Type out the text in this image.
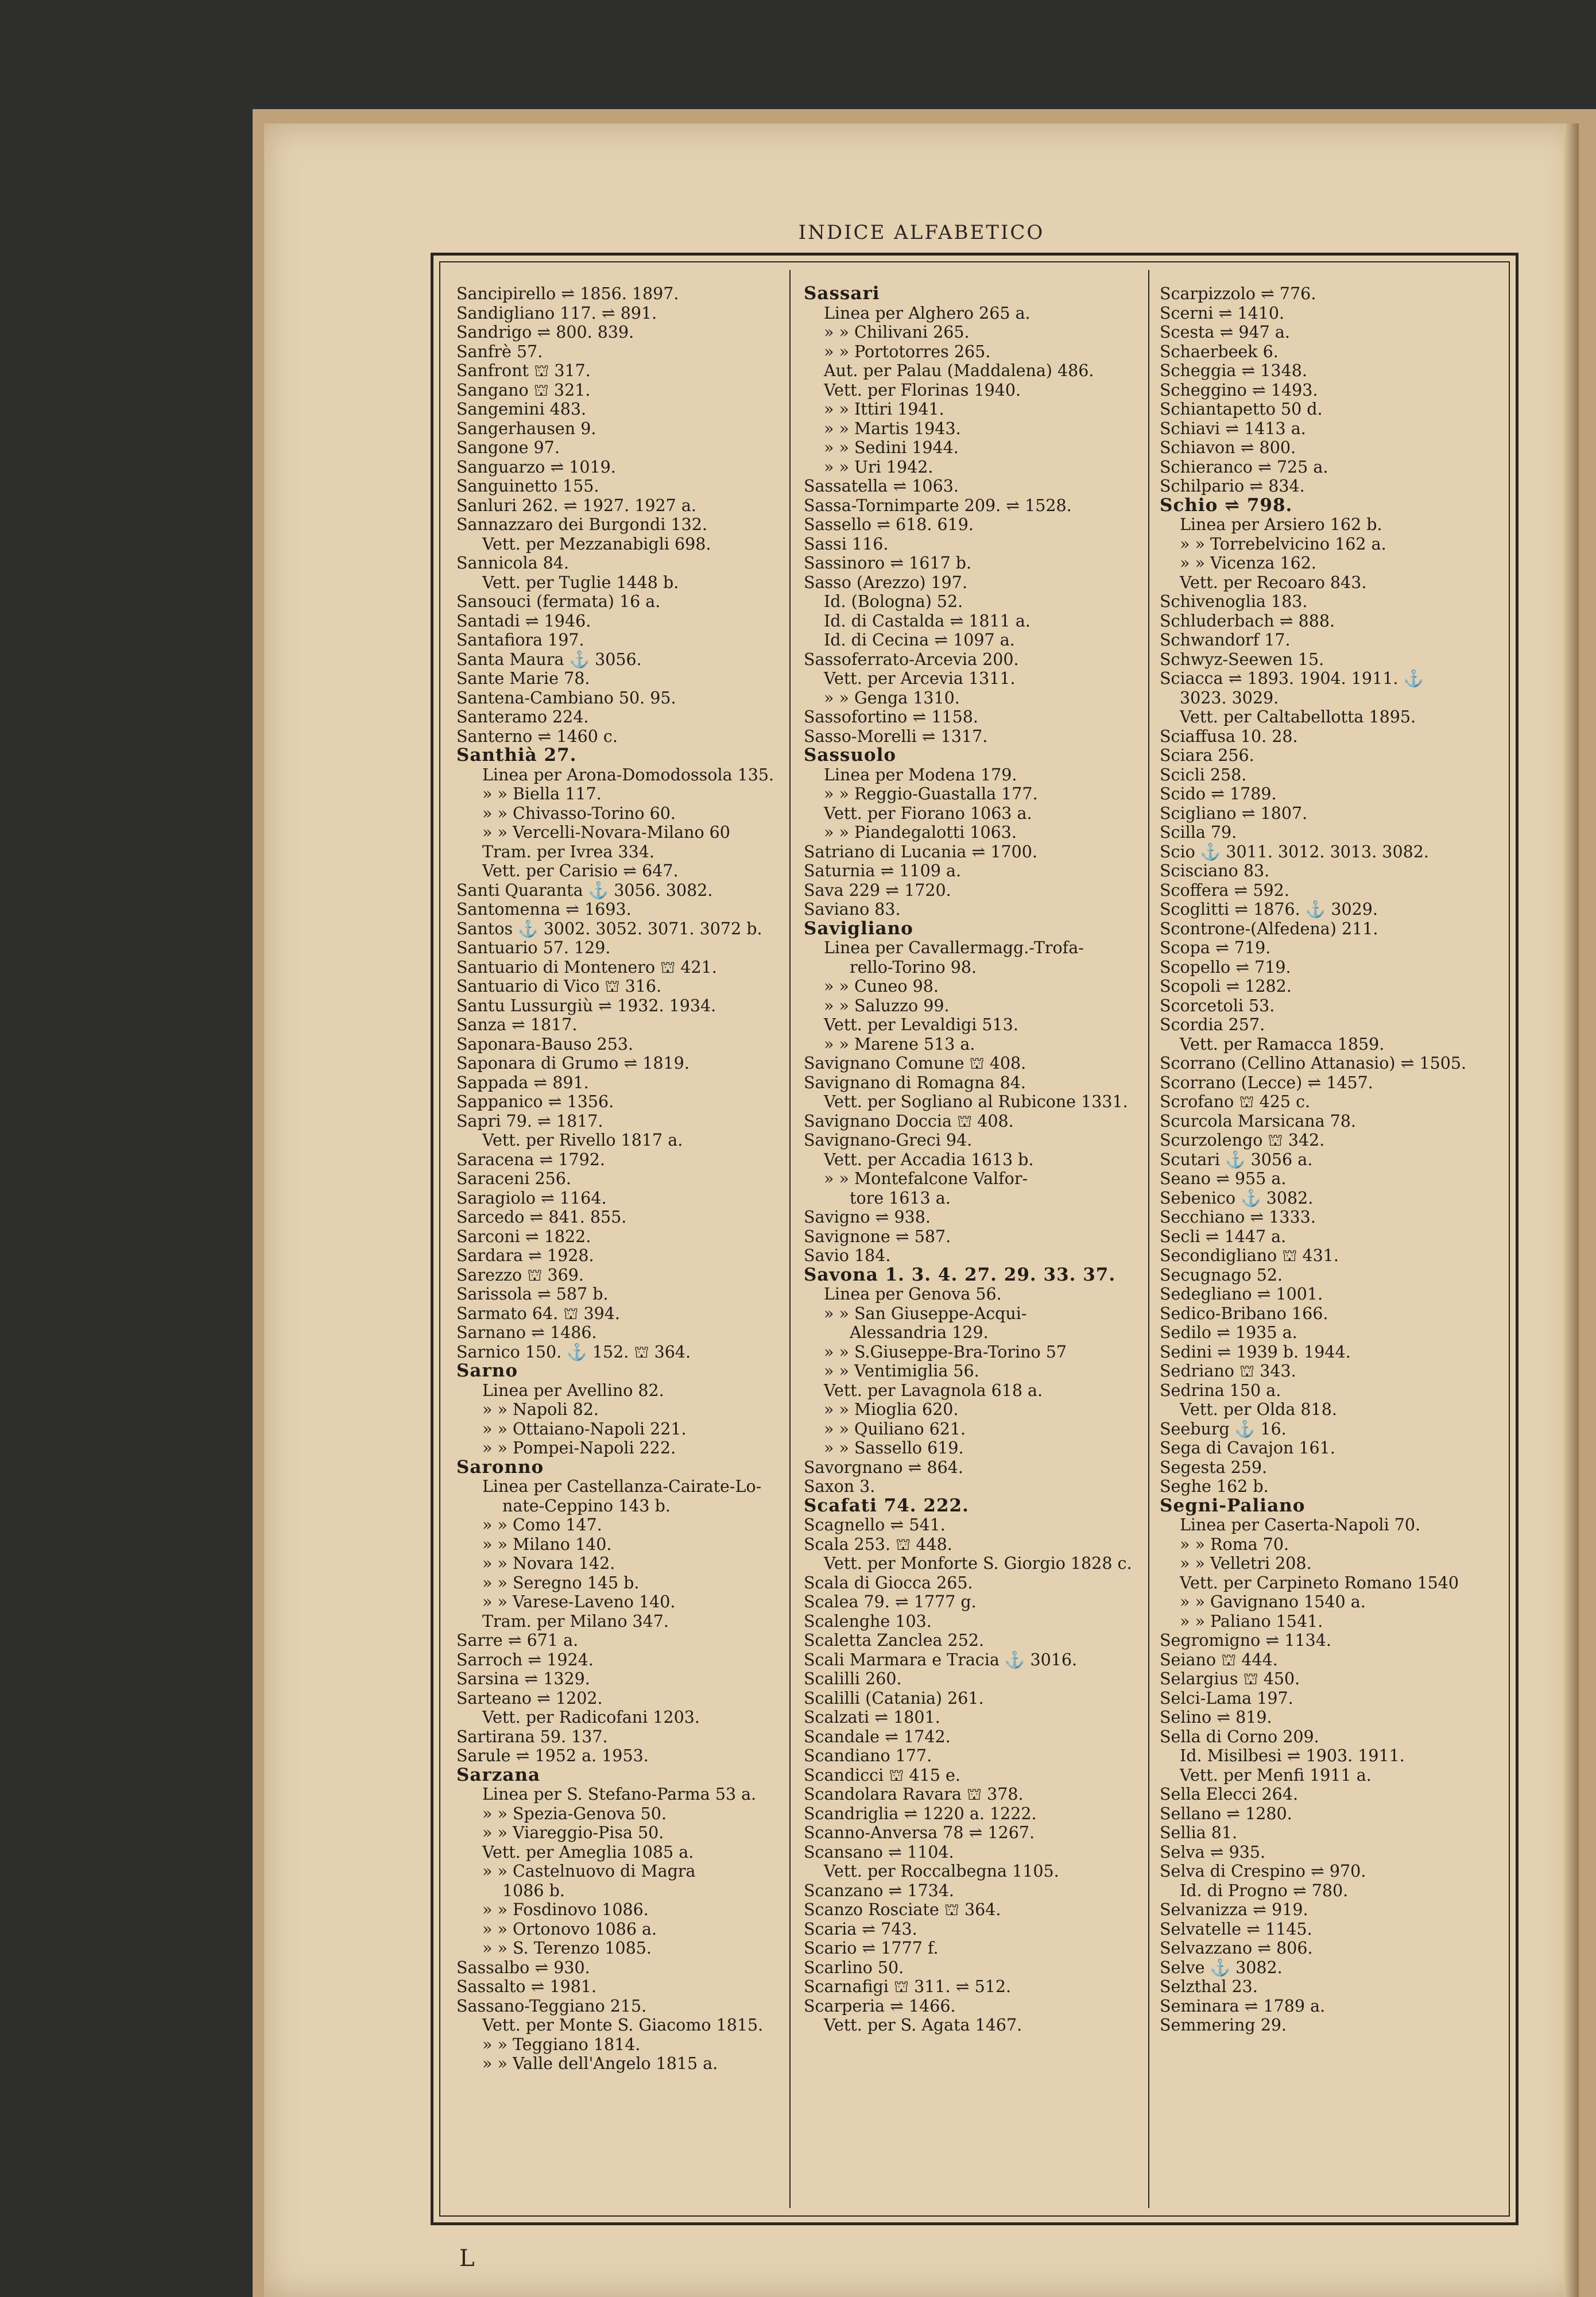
INDICE ALFABETICO
Sancipirello ⇌ 1856. 1897.
Sandigliano 117. ⇌ 891.
Sandrigo ⇌ 800. 839.
Sanfrè 57.
Sanfront ⛫ 317.
Sangano ⛫ 321.
Sangemini 483.
Sangerhausen 9.
Sangone 97.
Sanguarzo ⇌ 1019.
Sanguinetto 155.
Sanluri 262. ⇌ 1927. 1927 a.
Sannazzaro dei Burgondi 132.
Vett. per Mezzanabigli 698.
Sannicola 84.
Vett. per Tuglie 1448 b.
Sansouci (fermata) 16 a.
Santadi ⇌ 1946.
Santafiora 197.
Santa Maura ⚓ 3056.
Sante Marie 78.
Santena-Cambiano 50. 95.
Santeramo 224.
Santerno ⇌ 1460 c.
Santhià 27.
Linea per Arona-Domodossola 135.
» » Biella 117.
» » Chivasso-Torino 60.
» » Vercelli-Novara-Milano 60
Tram. per Ivrea 334.
Vett. per Carisio ⇌ 647.
Santi Quaranta ⚓ 3056. 3082.
Santomenna ⇌ 1693.
Santos ⚓ 3002. 3052. 3071. 3072 b.
Santuario 57. 129.
Santuario di Montenero ⛫ 421.
Santuario di Vico ⛫ 316.
Santu Lussurgiù ⇌ 1932. 1934.
Sanza ⇌ 1817.
Saponara-Bauso 253.
Saponara di Grumo ⇌ 1819.
Sappada ⇌ 891.
Sappanico ⇌ 1356.
Sapri 79. ⇌ 1817.
Vett. per Rivello 1817 a.
Saracena ⇌ 1792.
Saraceni 256.
Saragiolo ⇌ 1164.
Sarcedo ⇌ 841. 855.
Sarconi ⇌ 1822.
Sardara ⇌ 1928.
Sarezzo ⛫ 369.
Sarissola ⇌ 587 b.
Sarmato 64. ⛫ 394.
Sarnano ⇌ 1486.
Sarnico 150. ⚓ 152. ⛫ 364.
Sarno
Linea per Avellino 82.
» » Napoli 82.
» » Ottaiano-Napoli 221.
» » Pompei-Napoli 222.
Saronno
Linea per Castellanza-Cairate-Lo-
nate-Ceppino 143 b.
» » Como 147.
» » Milano 140.
» » Novara 142.
» » Seregno 145 b.
» » Varese-Laveno 140.
Tram. per Milano 347.
Sarre ⇌ 671 a.
Sarroch ⇌ 1924.
Sarsina ⇌ 1329.
Sarteano ⇌ 1202.
Vett. per Radicofani 1203.
Sartirana 59. 137.
Sarule ⇌ 1952 a. 1953.
Sarzana
Linea per S. Stefano-Parma 53 a.
» » Spezia-Genova 50.
» » Viareggio-Pisa 50.
Vett. per Ameglia 1085 a.
» » Castelnuovo di Magra
1086 b.
» » Fosdinovo 1086.
» » Ortonovo 1086 a.
» » S. Terenzo 1085.
Sassalbo ⇌ 930.
Sassalto ⇌ 1981.
Sassano-Teggiano 215.
Vett. per Monte S. Giacomo 1815.
» » Teggiano 1814.
» » Valle dell'Angelo 1815 a.
Sassari
Linea per Alghero 265 a.
» » Chilivani 265.
» » Portotorres 265.
Aut. per Palau (Maddalena) 486.
Vett. per Florinas 1940.
» » Ittiri 1941.
» » Martis 1943.
» » Sedini 1944.
» » Uri 1942.
Sassatella ⇌ 1063.
Sassa-Tornimparte 209. ⇌ 1528.
Sassello ⇌ 618. 619.
Sassi 116.
Sassinoro ⇌ 1617 b.
Sasso (Arezzo) 197.
Id. (Bologna) 52.
Id. di Castalda ⇌ 1811 a.
Id. di Cecina ⇌ 1097 a.
Sassoferrato-Arcevia 200.
Vett. per Arcevia 1311.
» » Genga 1310.
Sassofortino ⇌ 1158.
Sasso-Morelli ⇌ 1317.
Sassuolo
Linea per Modena 179.
» » Reggio-Guastalla 177.
Vett. per Fiorano 1063 a.
» » Piandegalotti 1063.
Satriano di Lucania ⇌ 1700.
Saturnia ⇌ 1109 a.
Sava 229 ⇌ 1720.
Saviano 83.
Savigliano
Linea per Cavallermagg.-Trofa-
rello-Torino 98.
» » Cuneo 98.
» » Saluzzo 99.
Vett. per Levaldigi 513.
» » Marene 513 a.
Savignano Comune ⛫ 408.
Savignano di Romagna 84.
Vett. per Sogliano al Rubicone 1331.
Savignano Doccia ⛫ 408.
Savignano-Greci 94.
Vett. per Accadia 1613 b.
» » Montefalcone Valfor-
tore 1613 a.
Savigno ⇌ 938.
Savignone ⇌ 587.
Savio 184.
Savona 1. 3. 4. 27. 29. 33. 37.
Linea per Genova 56.
» » San Giuseppe-Acqui-
Alessandria 129.
» » S.Giuseppe-Bra-Torino 57
» » Ventimiglia 56.
Vett. per Lavagnola 618 a.
» » Mioglia 620.
» » Quiliano 621.
» » Sassello 619.
Savorgnano ⇌ 864.
Saxon 3.
Scafati 74. 222.
Scagnello ⇌ 541.
Scala 253. ⛫ 448.
Vett. per Monforte S. Giorgio 1828 c.
Scala di Giocca 265.
Scalea 79. ⇌ 1777 g.
Scalenghe 103.
Scaletta Zanclea 252.
Scali Marmara e Tracia ⚓ 3016.
Scalilli 260.
Scalilli (Catania) 261.
Scalzati ⇌ 1801.
Scandale ⇌ 1742.
Scandiano 177.
Scandicci ⛫ 415 e.
Scandolara Ravara ⛫ 378.
Scandriglia ⇌ 1220 a. 1222.
Scanno-Anversa 78 ⇌ 1267.
Scansano ⇌ 1104.
Vett. per Roccalbegna 1105.
Scanzano ⇌ 1734.
Scanzo Rosciate ⛫ 364.
Scaria ⇌ 743.
Scario ⇌ 1777 f.
Scarlino 50.
Scarnafigi ⛫ 311. ⇌ 512.
Scarperia ⇌ 1466.
Vett. per S. Agata 1467.
Scarpizzolo ⇌ 776.
Scerni ⇌ 1410.
Scesta ⇌ 947 a.
Schaerbeek 6.
Scheggia ⇌ 1348.
Scheggino ⇌ 1493.
Schiantapetto 50 d.
Schiavi ⇌ 1413 a.
Schiavon ⇌ 800.
Schieranco ⇌ 725 a.
Schilpario ⇌ 834.
Schio ⇌ 798.
Linea per Arsiero 162 b.
» » Torrebelvicino 162 a.
» » Vicenza 162.
Vett. per Recoaro 843.
Schivenoglia 183.
Schluderbach ⇌ 888.
Schwandorf 17.
Schwyz-Seewen 15.
Sciacca ⇌ 1893. 1904. 1911. ⚓
3023. 3029.
Vett. per Caltabellotta 1895.
Sciaffusa 10. 28.
Sciara 256.
Scicli 258.
Scido ⇌ 1789.
Scigliano ⇌ 1807.
Scilla 79.
Scio ⚓ 3011. 3012. 3013. 3082.
Scisciano 83.
Scoffera ⇌ 592.
Scoglitti ⇌ 1876. ⚓ 3029.
Scontrone-(Alfedena) 211.
Scopa ⇌ 719.
Scopello ⇌ 719.
Scopoli ⇌ 1282.
Scorcetoli 53.
Scordia 257.
Vett. per Ramacca 1859.
Scorrano (Cellino Attanasio) ⇌ 1505.
Scorrano (Lecce) ⇌ 1457.
Scrofano ⛫ 425 c.
Scurcola Marsicana 78.
Scurzolengo ⛫ 342.
Scutari ⚓ 3056 a.
Seano ⇌ 955 a.
Sebenico ⚓ 3082.
Secchiano ⇌ 1333.
Secli ⇌ 1447 a.
Secondigliano ⛫ 431.
Secugnago 52.
Sedegliano ⇌ 1001.
Sedico-Bribano 166.
Sedilo ⇌ 1935 a.
Sedini ⇌ 1939 b. 1944.
Sedriano ⛫ 343.
Sedrina 150 a.
Vett. per Olda 818.
Seeburg ⚓ 16.
Sega di Cavajon 161.
Segesta 259.
Seghe 162 b.
Segni-Paliano
Linea per Caserta-Napoli 70.
» » Roma 70.
» » Velletri 208.
Vett. per Carpineto Romano 1540
» » Gavignano 1540 a.
» » Paliano 1541.
Segromigno ⇌ 1134.
Seiano ⛫ 444.
Selargius ⛫ 450.
Selci-Lama 197.
Selino ⇌ 819.
Sella di Corno 209.
Id. Misilbesi ⇌ 1903. 1911.
Vett. per Menfi 1911 a.
Sella Elecci 264.
Sellano ⇌ 1280.
Sellia 81.
Selva ⇌ 935.
Selva di Crespino ⇌ 970.
Id. di Progno ⇌ 780.
Selvanizza ⇌ 919.
Selvatelle ⇌ 1145.
Selvazzano ⇌ 806.
Selve ⚓ 3082.
Selzthal 23.
Seminara ⇌ 1789 a.
Semmering 29.
L
